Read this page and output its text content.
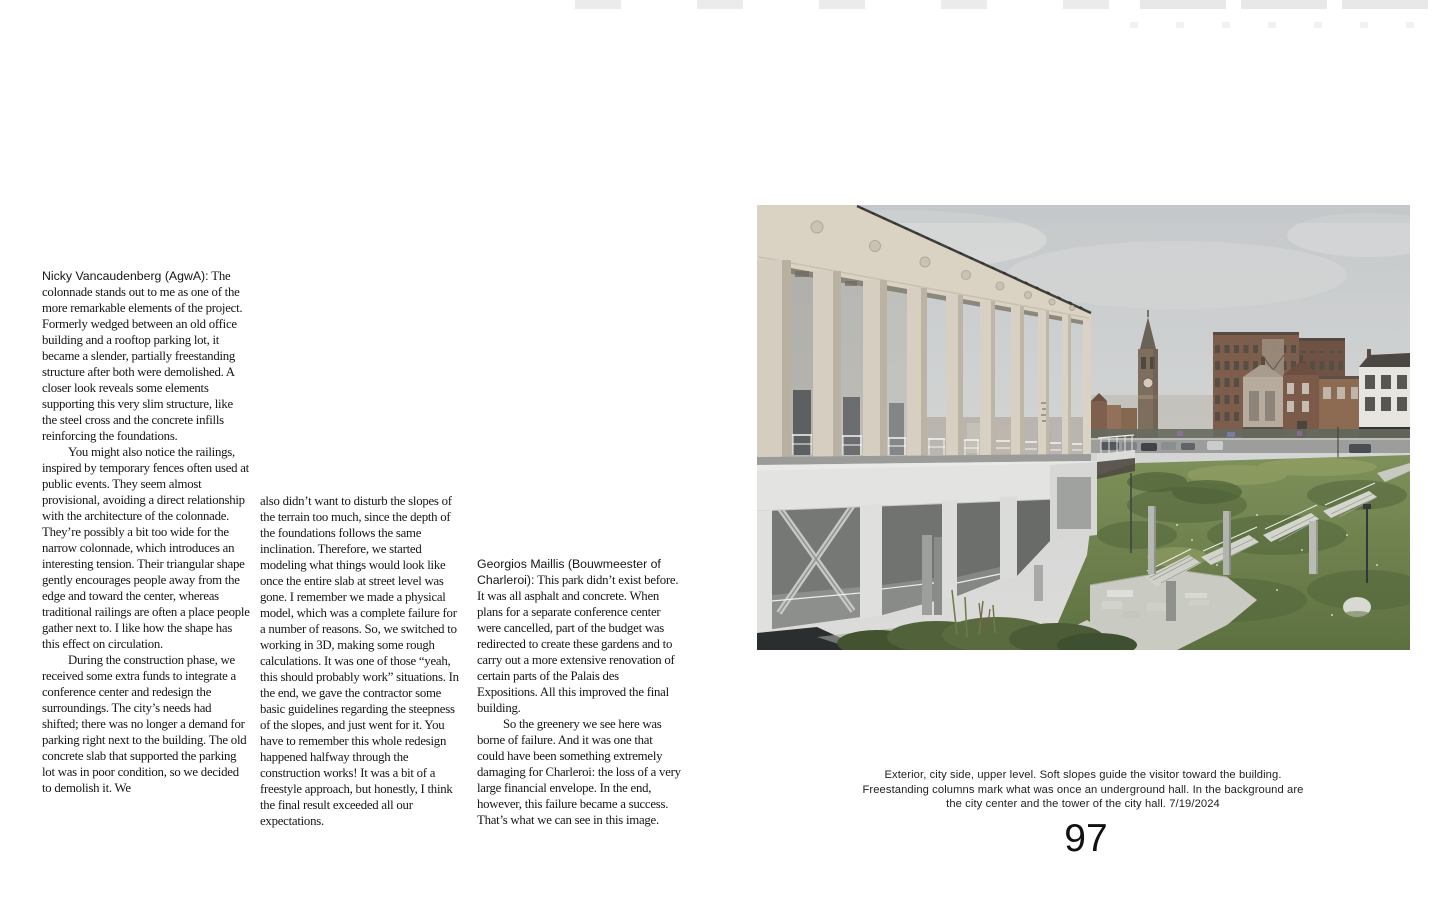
Nicky Vancaudenberg (AgwA): The colonnade stands out to me as one of the more remarkable elements of the project. Formerly wedged between an old office building and a rooftop parking lot, it became a slender, partially freestanding structure after both were demolished. A closer look reveals some elements supporting this very slim structure, like the steel cross and the concrete infills reinforcing the foundations.

You might also notice the railings, inspired by temporary fences often used at public events. They seem almost provisional, avoiding a direct relationship with the architecture of the colonnade. They’re possibly a bit too wide for the narrow colonnade, which introduces an interesting tension. Their triangular shape gently encourages people away from the edge and toward the center, whereas traditional railings are often a place people gather next to. I like how the shape has this effect on circulation.

During the construction phase, we received some extra funds to integrate a conference center and redesign the surroundings. The city’s needs had shifted; there was no longer a demand for parking right next to the building. The old concrete slab that supported the parking lot was in poor condition, so we decided to demolish it. We

also didn’t want to disturb the slopes of the terrain too much, since the depth of the foundations follows the same inclination. Therefore, we started modeling what things would look like once the entire slab at street level was gone. I remember we made a physical model, which was a complete failure for a number of reasons. So, we switched to working in 3D, making some rough calculations. It was one of those “yeah, this should probably work” situations. In the end, we gave the contractor some basic guidelines regarding the steepness of the slopes, and just went for it. You have to remember this whole redesign happened halfway through the construction works! It was a bit of a freestyle approach, but honestly, I think the final result exceeded all our expectations.

Georgios Maillis (Bouwmeester of Charleroi): This park didn’t exist before. It was all asphalt and concrete. When plans for a separate conference center were cancelled, part of the budget was redirected to create these gardens and to carry out a more extensive renovation of certain parts of the Palais des Expositions. All this improved the final building.

So the greenery we see here was borne of failure. And it was one that could have been something extremely damaging for Charleroi: the loss of a very large financial envelope. In the end, however, this failure became a success. That’s what we can see in this image.

Exterior, city side, upper level. Soft slopes guide the visitor toward the building. Freestanding columns mark what was once an underground hall. In the background are the city center and the tower of the city hall. 7/19/2024
97
